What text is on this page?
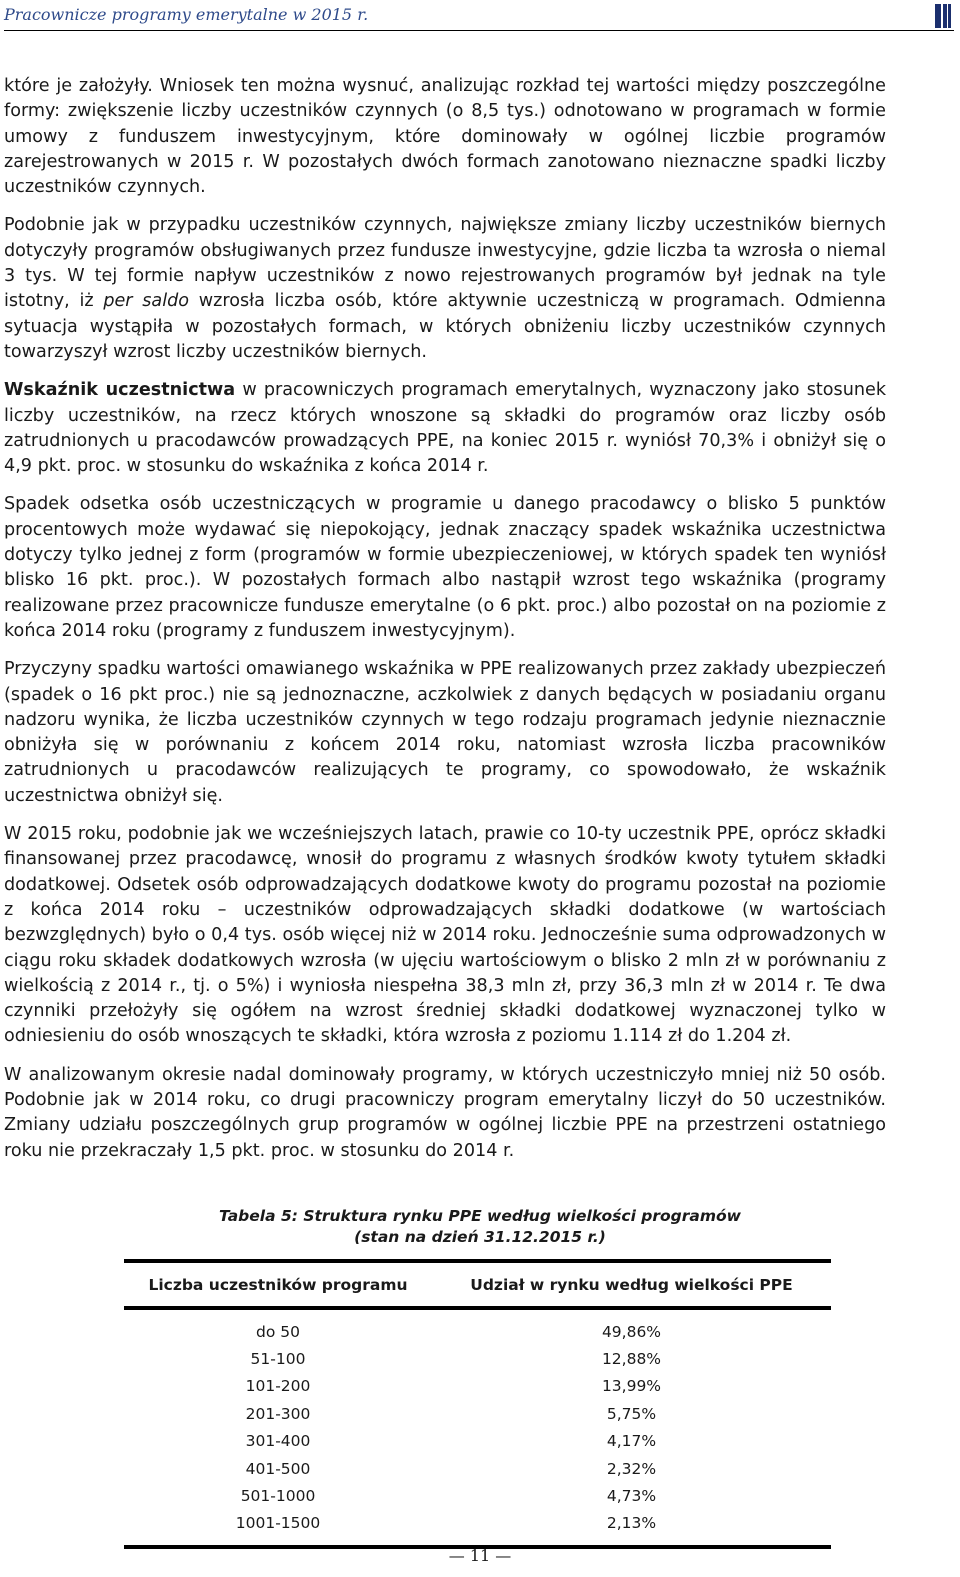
Pracownicze programy emerytalne w 2015 r.

które je założyły. Wniosek ten można wysnuć, analizując rozkład tej wartości między poszczególne formy: zwiększenie liczby uczestników czynnych (o 8,5 tys.) odnotowano w programach w formie umowy z funduszem inwestycyjnym, które dominowały w ogólnej liczbie programów zarejestrowanych w 2015 r. W pozostałych dwóch formach zanotowano nieznaczne spadki liczby uczestników czynnych.

Podobnie jak w przypadku uczestników czynnych, największe zmiany liczby uczestników biernych dotyczyły programów obsługiwanych przez fundusze inwestycyjne, gdzie liczba ta wzrosła o niemal 3 tys. W tej formie napływ uczestników z nowo rejestrowanych programów był jednak na tyle istotny, iż per saldo wzrosła liczba osób, które aktywnie uczestniczą w programach. Odmienna sytuacja wystąpiła w pozostałych formach, w których obniżeniu liczby uczestników czynnych towarzyszył wzrost liczby uczestników biernych.

Wskaźnik uczestnictwa w pracowniczych programach emerytalnych, wyznaczony jako stosunek liczby uczestników, na rzecz których wnoszone są składki do programów oraz liczby osób zatrudnionych u pracodawców prowadzących PPE, na koniec 2015 r. wyniósł 70,3% i obniżył się o 4,9 pkt. proc. w stosunku do wskaźnika z końca 2014 r.

Spadek odsetka osób uczestniczących w programie u danego pracodawcy o blisko 5 punktów procentowych może wydawać się niepokojący, jednak znaczący spadek wskaźnika uczestnictwa dotyczy tylko jednej z form (programów w formie ubezpieczeniowej, w których spadek ten wyniósł blisko 16 pkt. proc.). W pozostałych formach albo nastąpił wzrost tego wskaźnika (programy realizowane przez pracownicze fundusze emerytalne (o 6 pkt. proc.) albo pozostał on na poziomie z końca 2014 roku (programy z funduszem inwestycyjnym).

Przyczyny spadku wartości omawianego wskaźnika w PPE realizowanych przez zakłady ubezpieczeń (spadek o 16 pkt proc.) nie są jednoznaczne, aczkolwiek z danych będących w posiadaniu organu nadzoru wynika, że liczba uczestników czynnych w tego rodzaju programach jedynie nieznacznie obniżyła się w porównaniu z końcem 2014 roku, natomiast wzrosła liczba pracowników zatrudnionych u pracodawców realizujących te programy, co spowodowało, że wskaźnik uczestnictwa obniżył się.

W 2015 roku, podobnie jak we wcześniejszych latach, prawie co 10-ty uczestnik PPE, oprócz składki finansowanej przez pracodawcę, wnosił do programu z własnych środków kwoty tytułem składki dodatkowej. Odsetek osób odprowadzających dodatkowe kwoty do programu pozostał na poziomie z końca 2014 roku – uczestników odprowadzających składki dodatkowe (w wartościach bezwzględnych) było o 0,4 tys. osób więcej niż w 2014 roku. Jednocześnie suma odprowadzonych w ciągu roku składek dodatkowych wzrosła (w ujęciu wartościowym o blisko 2 mln zł w porównaniu z wielkością z 2014 r., tj. o 5%) i wyniosła niespełna 38,3 mln zł, przy 36,3 mln zł w 2014 r. Te dwa czynniki przełożyły się ogółem na wzrost średniej składki dodatkowej wyznaczonej tylko w odniesieniu do osób wnoszących te składki, która wzrosła z poziomu 1.114 zł do 1.204 zł.

W analizowanym okresie nadal dominowały programy, w których uczestniczyło mniej niż 50 osób. Podobnie jak w 2014 roku, co drugi pracowniczy program emerytalny liczył do 50 uczestników. Zmiany udziału poszczególnych grup programów w ogólnej liczbie PPE na przestrzeni ostatniego roku nie przekraczały 1,5 pkt. proc. w stosunku do 2014 r.

Tabela 5: Struktura rynku PPE według wielkości programów
(stan na dzień 31.12.2015 r.)
Liczba uczestników programu	Udział w rynku według wielkości PPE
do 50	49,86%
51-100	12,88%
101-200	13,99%
201-300	5,75%
301-400	4,17%
401-500	2,32%
501-1000	4,73%
1001-1500	2,13%
— 11 —
